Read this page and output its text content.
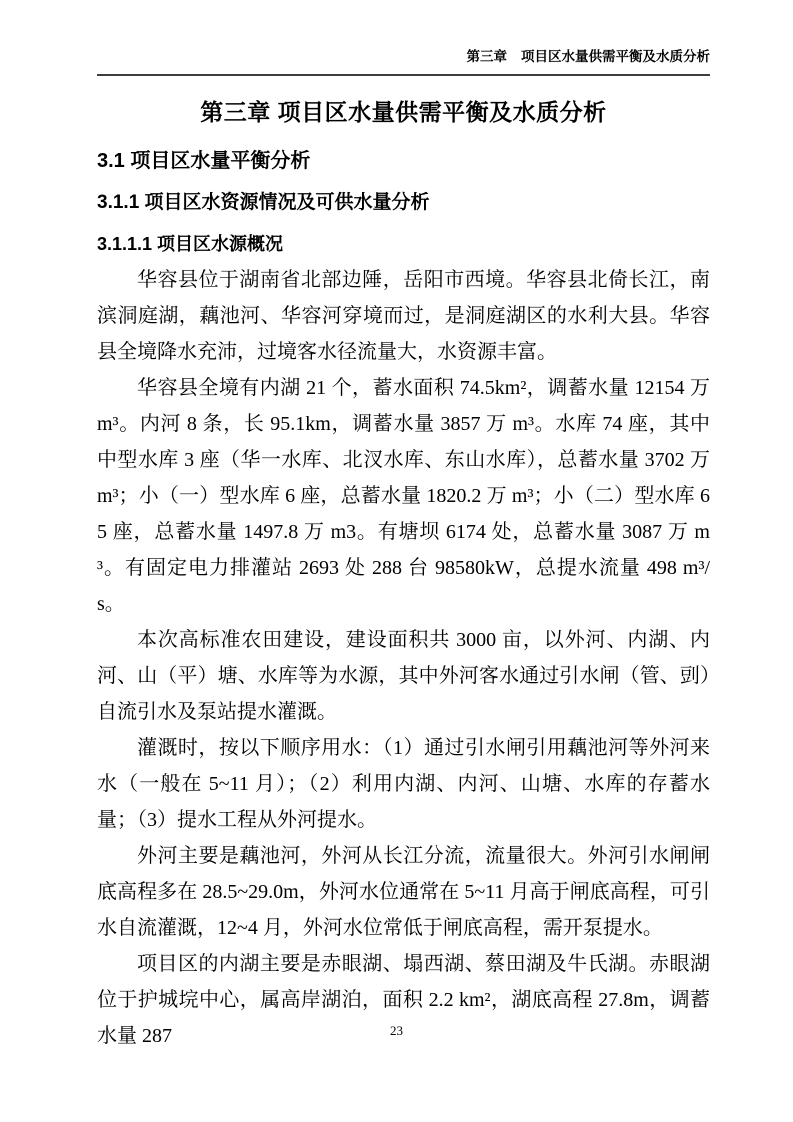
第三章 项目区水量供需平衡及水质分析
第三章 项目区水量供需平衡及水质分析
3.1 项目区水量平衡分析
3.1.1 项目区水资源情况及可供水量分析
3.1.1.1 项目区水源概况

华容县位于湖南省北部边陲，岳阳市西境。华容县北倚长江，南滨洞庭湖，藕池河、华容河穿境而过，是洞庭湖区的水利大县。华容县全境降水充沛，过境客水径流量大，水资源丰富。

华容县全境有内湖 21 个，蓄水面积 74.5km²，调蓄水量 12154 万 m³。内河 8 条，长 95.1km，调蓄水量 3857 万 m³。水库 74 座，其中中型水库 3 座（华一水库、北汊水库、东山水库），总蓄水量 3702 万 m³；小（一）型水库 6 座，总蓄水量 1820.2 万 m³；小（二）型水库 65 座，总蓄水量 1497.8 万 m3。有塘坝 6174 处，总蓄水量 3087 万 m³。有固定电力排灌站 2693 处 288 台 98580kW，总提水流量 498 m³/s。

本次高标准农田建设，建设面积共 3000 亩，以外河、内湖、内河、山（平）塘、水库等为水源，其中外河客水通过引水闸（管、剅）自流引水及泵站提水灌溉。

灌溉时，按以下顺序用水：（1）通过引水闸引用藕池河等外河来水（一般在 5~11 月）；（2）利用内湖、内河、山塘、水库的存蓄水量；（3）提水工程从外河提水。

外河主要是藕池河，外河从长江分流，流量很大。外河引水闸闸底高程多在 28.5~29.0m，外河水位通常在 5~11 月高于闸底高程，可引水自流灌溉，12~4 月，外河水位常低于闸底高程，需开泵提水。

项目区的内湖主要是赤眼湖、塌西湖、蔡田湖及牛氏湖。赤眼湖位于护城垸中心，属高岸湖泊，面积 2.2 km²，湖底高程 27.8m，调蓄水量 287	23
